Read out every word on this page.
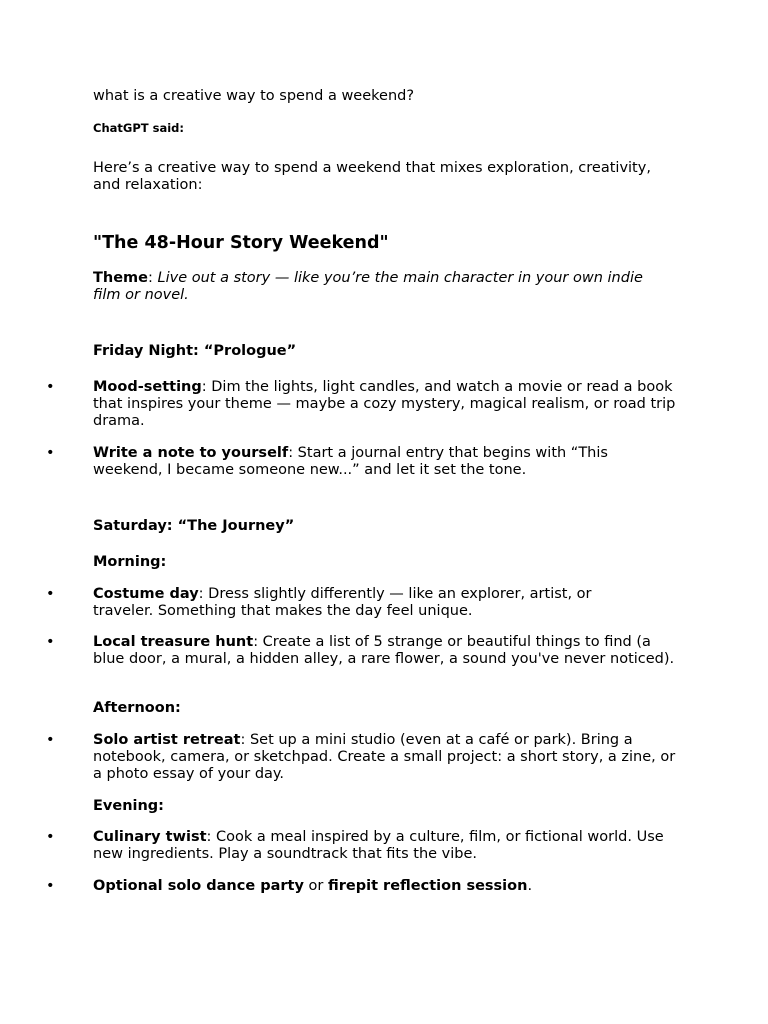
what is a creative way to spend a weekend?

ChatGPT said:

Here’s a creative way to spend a weekend that mixes exploration, creativity, and relaxation:

"The 48-Hour Story Weekend"

Theme: Live out a story — like you’re the main character in your own indie film or novel.

Friday Night: “Prologue”

•	Mood-setting: Dim the lights, light candles, and watch a movie or read a book that inspires your theme — maybe a cozy mystery, magical realism, or road trip drama.

•	Write a note to yourself: Start a journal entry that begins with “This weekend, I became someone new...” and let it set the tone.

Saturday: “The Journey”

Morning:

•	Costume day: Dress slightly differently — like an explorer, artist, or traveler. Something that makes the day feel unique.

•	Local treasure hunt: Create a list of 5 strange or beautiful things to find (a blue door, a mural, a hidden alley, a rare flower, a sound you've never noticed).

Afternoon:

•	Solo artist retreat: Set up a mini studio (even at a café or park). Bring a notebook, camera, or sketchpad. Create a small project: a short story, a zine, or a photo essay of your day.

Evening:

•	Culinary twist: Cook a meal inspired by a culture, film, or fictional world. Use new ingredients. Play a soundtrack that fits the vibe.

•	Optional solo dance party or firepit reflection session.
